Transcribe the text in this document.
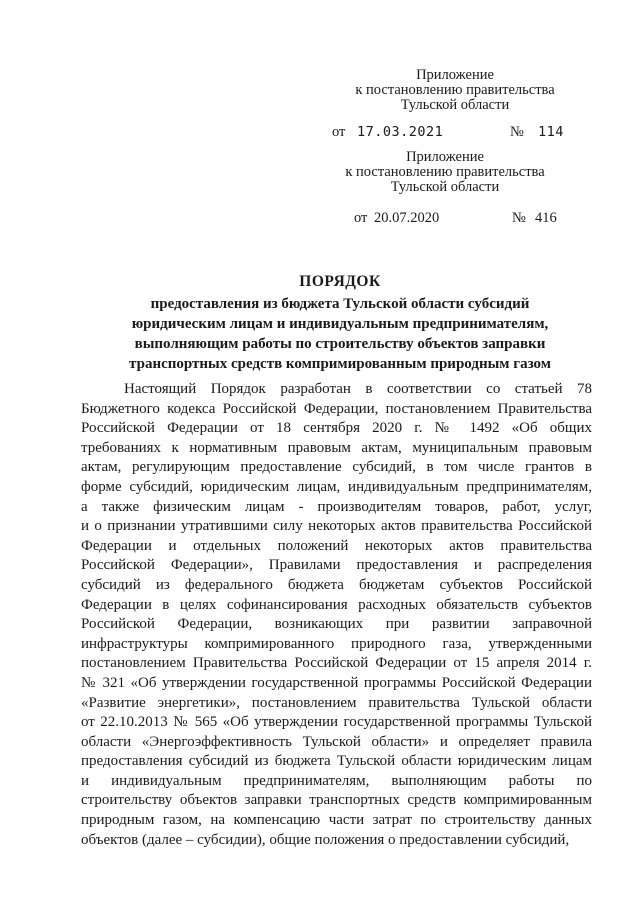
Приложение
к постановлению правительства
Тульской области
от 17.03.2021	№ 114
Приложение
к постановлению правительства
Тульской области
от 20.07.2020	№ 416
ПОРЯДОК
предоставления из бюджета Тульской области субсидий
юридическим лицам и индивидуальным предпринимателям,
выполняющим работы по строительству объектов заправки
транспортных средств компримированным природным газом
Настоящий Порядок разработан в соответствии со статьей 78
Бюджетного кодекса Российской Федерации, постановлением Правительства
Российской Федерации от 18 сентября 2020 г. № 1492 «Об общих
требованиях к нормативным правовым актам, муниципальным правовым
актам, регулирующим предоставление субсидий, в том числе грантов в
форме субсидий, юридическим лицам, индивидуальным предпринимателям,
а также физическим лицам - производителям товаров, работ, услуг,
и о признании утратившими силу некоторых актов правительства Российской
Федерации и отдельных положений некоторых актов правительства
Российской Федерации», Правилами предоставления и распределения
субсидий из федерального бюджета бюджетам субъектов Российской
Федерации в целях софинансирования расходных обязательств субъектов
Российской Федерации, возникающих при развитии заправочной
инфраструктуры компримированного природного газа, утвержденными
постановлением Правительства Российской Федерации от 15 апреля 2014 г.
№ 321 «Об утверждении государственной программы Российской Федерации
«Развитие энергетики», постановлением правительства Тульской области
от 22.10.2013 № 565 «Об утверждении государственной программы Тульской
области «Энергоэффективность Тульской области» и определяет правила
предоставления субсидий из бюджета Тульской области юридическим лицам
и индивидуальным предпринимателям, выполняющим работы по
строительству объектов заправки транспортных средств компримированным
природным газом, на компенсацию части затрат по строительству данных
объектов (далее – субсидии), общие положения о предоставлении субсидий,
